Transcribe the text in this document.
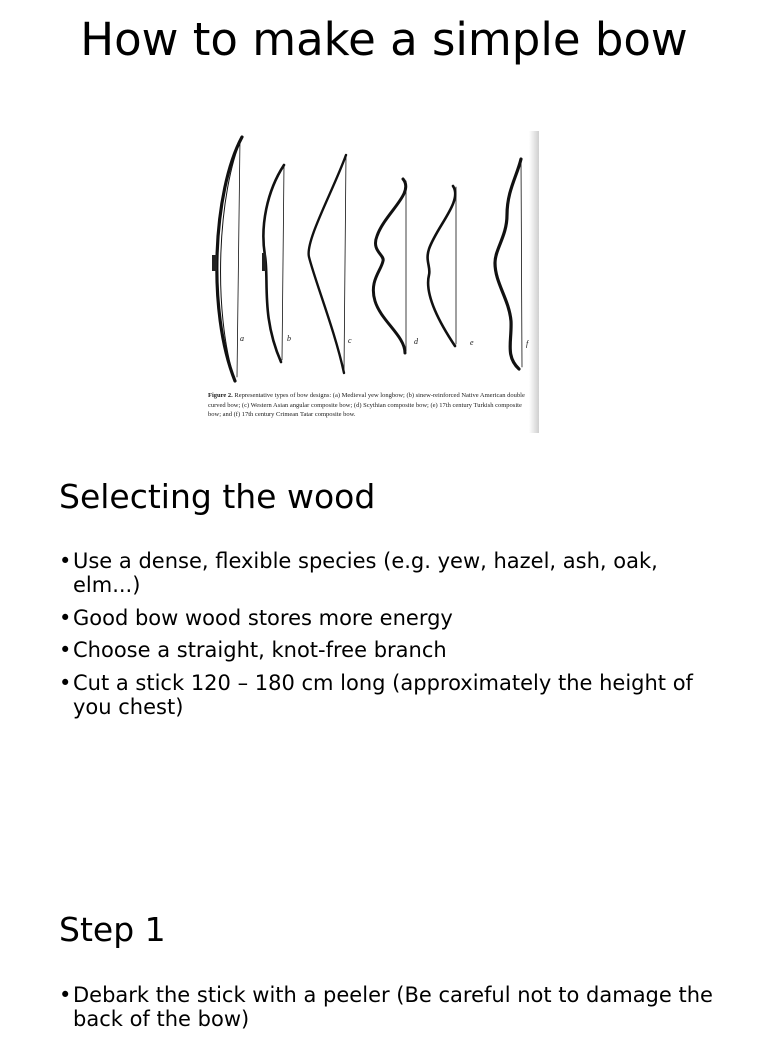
How to make a simple bow
a	b	c	d	e	f

Figure 2. Representative types of bow designs: (a) Medieval yew longbow; (b) sinew-reinforced Native American double curved bow; (c) Western Asian angular composite bow; (d) Scythian composite bow; (e) 17th century Turkish composite bow; and (f) 17th century Crimean Tatar composite bow.

Selecting the wood
• Use a dense, flexible species (e.g. yew, hazel, ash, oak, elm...)
• Good bow wood stores more energy
• Choose a straight, knot-free branch
• Cut a stick 120 – 180 cm long (approximately the height of you chest)
Step 1
• Debark the stick with a peeler (Be careful not to damage the back of the bow)
